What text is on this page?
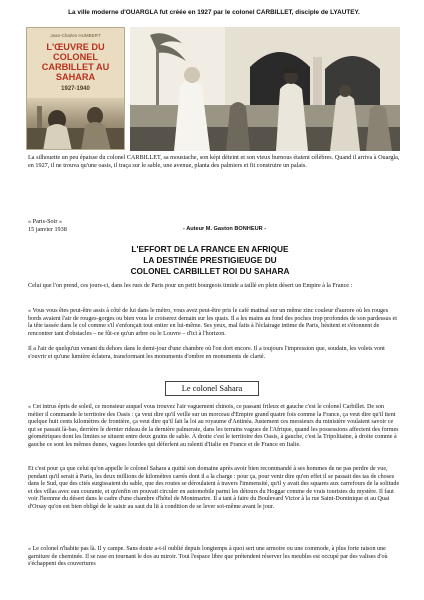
La ville moderne d'OUARGLA fut créée en 1927 par le colonel CARBILLET, disciple de LYAUTEY.
Jean-Charles HUMBERT
L'ŒUVRE DU COLONEL CARBILLET AU SAHARA
1927-1940
La silhouette un peu épaisse du colonel CARBILLET, sa moustache, son képi déteint et son vieux burnous étaient célèbres. Quand il arriva à Ouargla, en 1927, il ne trouva qu'une oasis, il traça sur le sable, une avenue, planta des palmiers et fit construire un palais.
« Paris-Soir »
15 janvier 1938	- Auteur M. Gaston BONHEUR -
L'EFFORT DE LA FRANCE EN AFRIQUE
LA DESTINÉE PRESTIGIEUGE DU
COLONEL CARBILLET ROI DU SAHARA
Celui que l'on prend, ces jours-ci, dans les rues de Paris pour un petit bourgeois timide a taillé en plein désert un Empire à la France :
« Vous vous êtes peut-être assis à côté de lui dans le métro, vous avez peut-être pris le café matinal sur un même zinc couleur d'aurore où les rouges bords avaient l'air de rouges-gorges ou bien vous le croiserez demain sur les quais. Il a les mains au fond des poches trop profondes de son pardessus et la tête tassée dans le col comme s'il s'enfonçait tout entier en lui-même. Ses yeux, mal faits à l'éclairage intime de Paris, hésitent et s'étonnent de rencontrer tant d'obstacles – ne fût-ce qu'un arbre ou le Louvre – d'ici à l'horizon.
Il a l'air de quelqu'un venant du dehors dans le demi-jour d'une chambre où l'on dort encore. Il a toujours l'impression que, soudain, les volets vont s'ouvrir et qu'une lumière éclatera, transformant les monuments d'ombre en monuments de clarté.
Le colonel Sahara
« Cet intrus épris de soleil, ce monsieur auquel vous trouvez l'air vaguement chinois, ce passant frileux et gauche c'est le colonel Carbillet. De son métier il commande le territoire des Oasis : ça veut dire qu'il veille sur un morceau d'Empire grand quatre fois comme la France, ça veut dire qu'il tient quelque huit cents kilomètres de frontière, ça veut dire qu'il fait la loi au royaume d'Antinéa. Justement ces messieurs du ministère voulaient savoir ce qui se passait là-bas, derrière le dernier rideau de la dernière palmeraie, dans les terrains vagues de l'Afrique, quand les possessions affectent des formes géométriques dont les limites se situent entre deux grains de sable. À droite c'est le territoire des Oasis, à gauche, c'est la Tripolitaine, à droite comme à gauche ce sont les mêmes dunes, vagues lourdes qui déferlent au ralenti d'Italie en France et de France en Italie.
Et c'est pour ça que celui qu'on appelle le colonel Sahara a quitté son domaine après avoir bien recommandé à ses hommes de ne pas perdre de vue, pendant qu'il serait à Paris, les deux millions de kilomètres carrés dont il a la charge : pour ça, pour venir dire qu'en effet il se passait des tas de choses dans le Sud, que des cités surgissaient du sable, que des routes se déroulaient à travers l'immensité, qu'il y avait des squares aux carrefours de la solitude et des villas avec eau courante, et qu'enfin on pouvait circuler en automobile parmi les détours du Hoggar comme de vrais touristes du mystère. Il faut voir l'homme du désert dans le cadre d'une chambre d'hôtel de Montmartre. Il a tant à faire du Boulevard Victor à la rue Saint-Dominique et au Quai d'Orsay qu'on est bien obligé de le saisir au saut du lit à condition de se lever soi-même avant le jour.
« Le colonel n'habite pas là. Il y campe. Sans doute a-t-il oublié depuis longtemps à quoi sert une armoire ou une commode, à plus forte raison une garniture de cheminée. Il se rase en tournant le dos au miroir. Tout l'espace libre que prétendent réserver les meubles est occupé par des valises d'où s'échappent des couvertures
